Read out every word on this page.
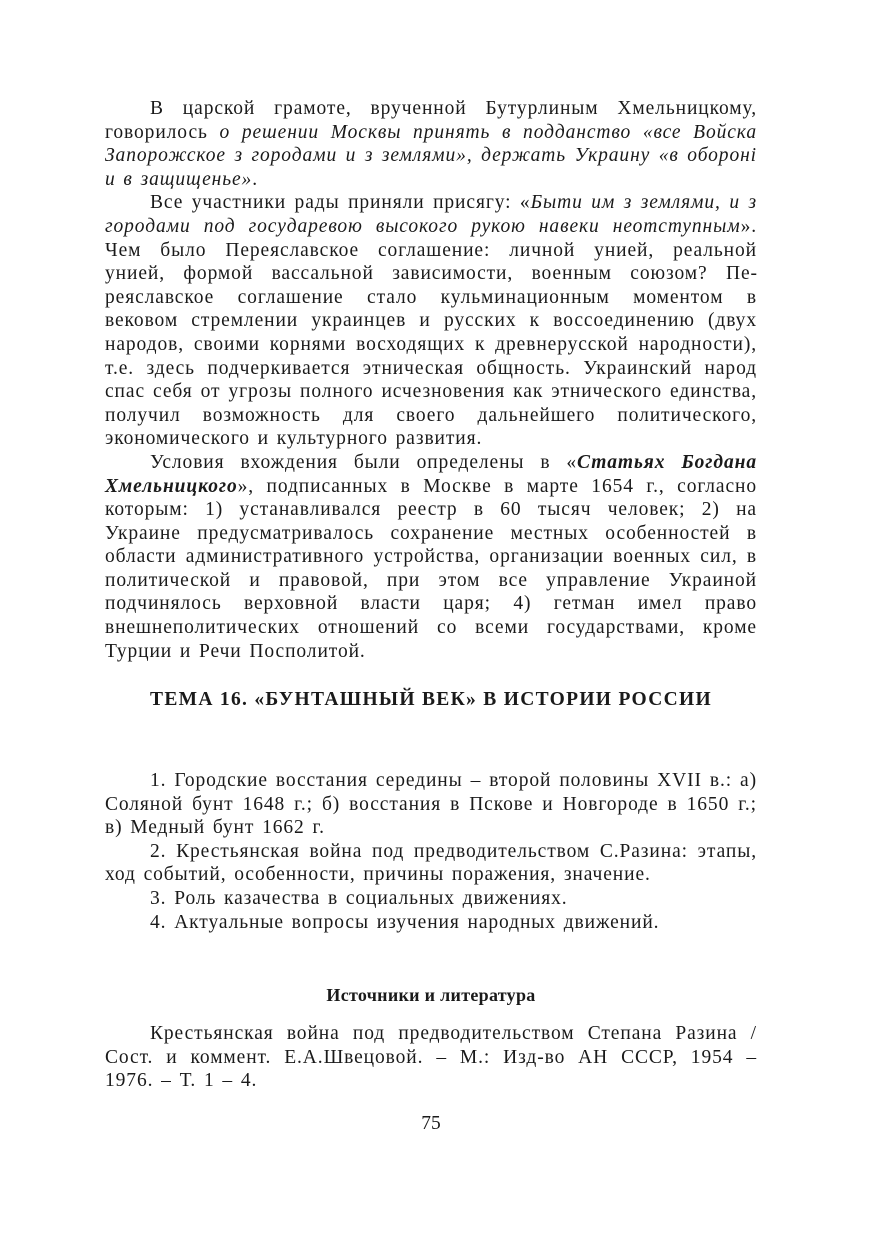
В царской грамоте, врученной Бутурлиным Хмельницкому, говорилось о решении Москвы принять в подданство «все Войска Запорожское з городами и з землями», держать Украину «в обороні и в защищенье».

Все участники рады приняли присягу: «Быти им з землями, и з городами под государевою высокого рукою навеки неотступным». Чем было Переяславское соглашение: личной унией, реальной унией, формой вассальной зависимости, военным союзом? Переяславское соглашение стало кульминационным моментом в вековом стремлении украинцев и русских к воссоединению (двух народов, своими корнями восходящих к древнерусской народности), т.е. здесь подчеркивается этническая общность. Украинский народ спас себя от угрозы полного исчезновения как этнического единства, получил возможность для своего дальнейшего политического, экономического и культурного развития.

Условия вхождения были определены в «Статьях Богдана Хмельницкого», подписанных в Москве в марте 1654 г., согласно которым: 1) устанавливался реестр в 60 тысяч человек; 2) на Украине предусматривалось сохранение местных особенностей в области административного устройства, организации военных сил, в политической и правовой, при этом все управление Украиной подчинялось верховной власти царя; 4) гетман имел право внешнеполитических отношений со всеми государствами, кроме Турции и Речи Посполитой.

ТЕМА 16. «БУНТАШНЫЙ ВЕК» В ИСТОРИИ РОССИИ

1. Городские восстания середины – второй половины XVII в.: а) Соляной бунт 1648 г.; б) восстания в Пскове и Новгороде в 1650 г.; в) Медный бунт 1662 г.

2. Крестьянская война под предводительством С.Разина: этапы, ход событий, особенности, причины поражения, значение.

3. Роль казачества в социальных движениях.

4. Актуальные вопросы изучения народных движений.

Источники и литература

Крестьянская война под предводительством Степана Разина / Сост. и коммент. Е.А.Швецовой. – М.: Изд-во АН СССР, 1954 – 1976. – Т. 1 – 4.

75
